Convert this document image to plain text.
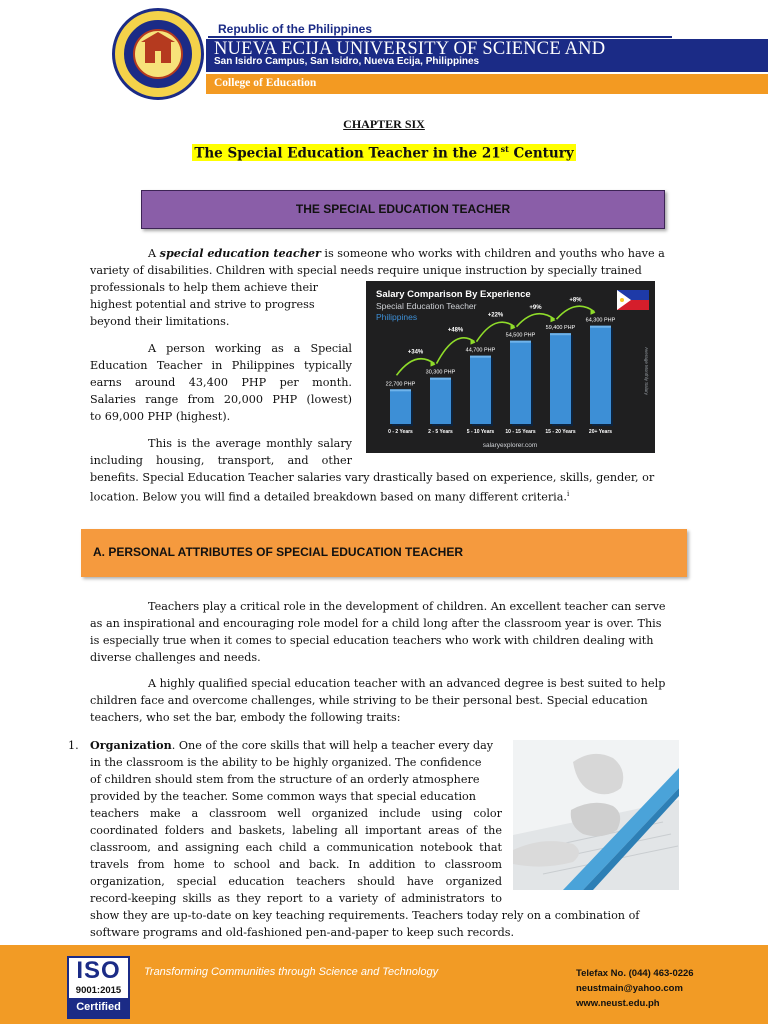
Republic of the Philippines
NUEVA ECIJA UNIVERSITY OF SCIENCE AND
San Isidro Campus, San Isidro, Nueva Ecija, Philippines
College of Education
CHAPTER SIX
The Special Education Teacher in the 21st Century
THE SPECIAL EDUCATION TEACHER
A special education teacher is someone who works with children and youths who have a
variety of disabilities. Children with special needs require unique instruction by specially trained
professionals to help them achieve their
highest potential and strive to progress
beyond their limitations.
A person working as a Special
Education Teacher in Philippines typically
earns around 43,400 PHP per month.
Salaries range from 20,000 PHP (lowest)
to 69,000 PHP (highest).
This is the average monthly salary
including housing, transport, and other
benefits. Special Education Teacher salaries vary drastically based on experience, skills, gender, or
location. Below you will find a detailed breakdown based on many different criteria.$^i$
Salary Comparison By Experience
Special Education Teacher
Philippines
Average Monthly Salary
salaryexplorer.com
22,700 PHP
0 - 2 Years
30,300 PHP
2 - 5 Years
44,700 PHP
5 - 10 Years
54,500 PHP
10 - 15 Years
59,400 PHP
15 - 20 Years
64,300 PHP
20+ Years
+34%
+48%
+22%
+9%
+8%
A. PERSONAL ATTRIBUTES OF SPECIAL EDUCATION TEACHER
Teachers play a critical role in the development of children. An excellent teacher can serve
as an inspirational and encouraging role model for a child long after the classroom year is over. This
is especially true when it comes to special education teachers who work with children dealing with
diverse challenges and needs.
A highly qualified special education teacher with an advanced degree is best suited to help
children face and overcome challenges, while striving to be their personal best. Special education
teachers, who set the bar, embody the following traits:
1. Organization. One of the core skills that will help a teacher every day
in the classroom is the ability to be highly organized. The confidence
of children should stem from the structure of an orderly atmosphere
provided by the teacher. Some common ways that special education
teachers make a classroom well organized include using color
coordinated folders and baskets, labeling all important areas of the
classroom, and assigning each child a communication notebook that
travels from home to school and back. In addition to classroom
organization, special education teachers should have organized
record-keeping skills as they report to a variety of administrators to
show they are up-to-date on key teaching requirements. Teachers today rely on a combination of
software programs and old-fashioned pen-and-paper to keep such records.
ISO
9001:2015
Certified
Transforming Communities through Science and Technology	Telefax No. (044) 463-0226
neustmain@yahoo.com
www.neust.edu.ph
